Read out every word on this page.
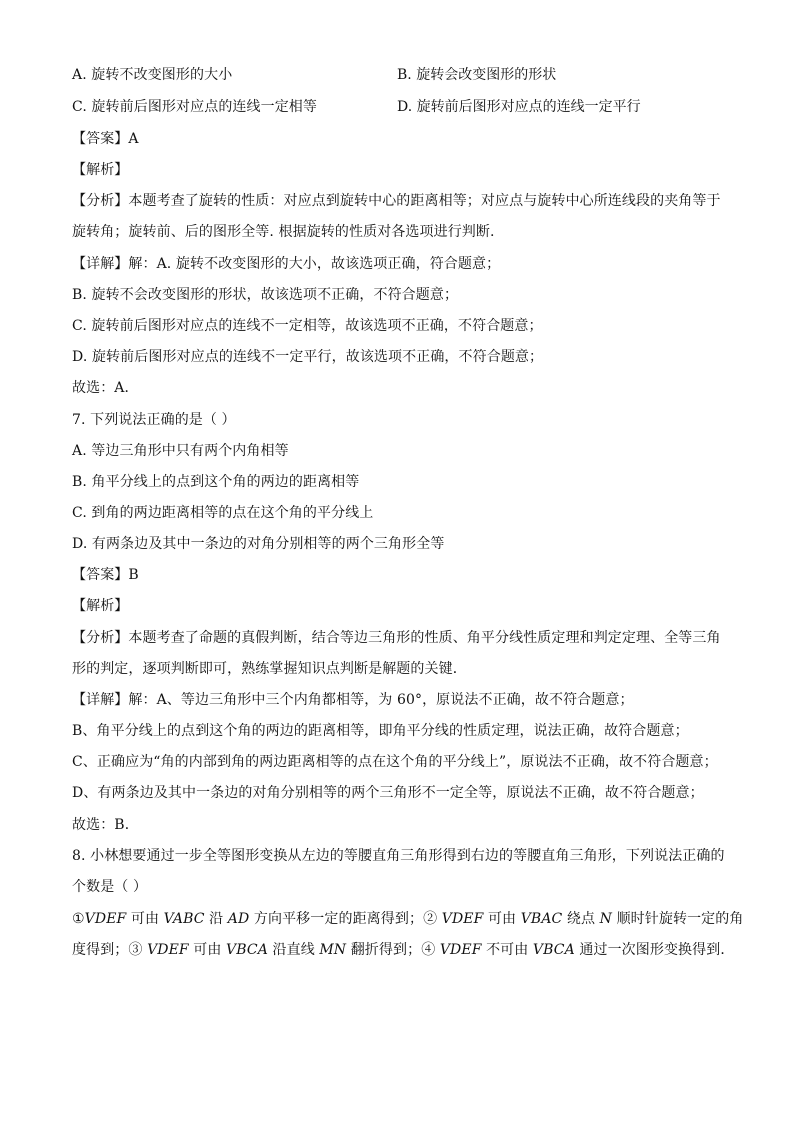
A. 旋转不改变图形的大小	B. 旋转会改变图形的形状
C. 旋转前后图形对应点的连线一定相等	D. 旋转前后图形对应点的连线一定平行
【答案】A
【解析】
【分析】本题考查了旋转的性质：对应点到旋转中心的距离相等；对应点与旋转中心所连线段的夹角等于
旋转角；旋转前、后的图形全等. 根据旋转的性质对各选项进行判断.
【详解】解：A. 旋转不改变图形的大小，故该选项正确，符合题意；
B. 旋转不会改变图形的形状，故该选项不正确，不符合题意；
C. 旋转前后图形对应点的连线不一定相等，故该选项不正确，不符合题意；
D. 旋转前后图形对应点的连线不一定平行，故该选项不正确，不符合题意；
故选：A．
7. 下列说法正确的是（ ）
A. 等边三角形中只有两个内角相等
B. 角平分线上的点到这个角的两边的距离相等
C. 到角的两边距离相等的点在这个角的平分线上
D. 有两条边及其中一条边的对角分别相等的两个三角形全等
【答案】B
【解析】
【分析】本题考查了命题的真假判断，结合等边三角形的性质、角平分线性质定理和判定定理、全等三角
形的判定，逐项判断即可，熟练掌握知识点判断是解题的关键．
【详解】解：A、等边三角形中三个内角都相等，为 60°，原说法不正确，故不符合题意；
B、角平分线上的点到这个角的两边的距离相等，即角平分线的性质定理，说法正确，故符合题意；
C、正确应为“角的内部到角的两边距离相等的点在这个角的平分线上”，原说法不正确，故不符合题意；
D、有两条边及其中一条边的对角分别相等的两个三角形不一定全等，原说法不正确，故不符合题意；
故选：B．
8. 小林想要通过一步全等图形变换从左边的等腰直角三角形得到右边的等腰直角三角形，下列说法正确的
个数是（ ）
①VDEF 可由 VABC 沿 AD 方向平移一定的距离得到；② VDEF 可由 VBAC 绕点 N 顺时针旋转一定的角
度得到；③ VDEF 可由 VBCA 沿直线 MN 翻折得到；④ VDEF 不可由 VBCA 通过一次图形变换得到．
